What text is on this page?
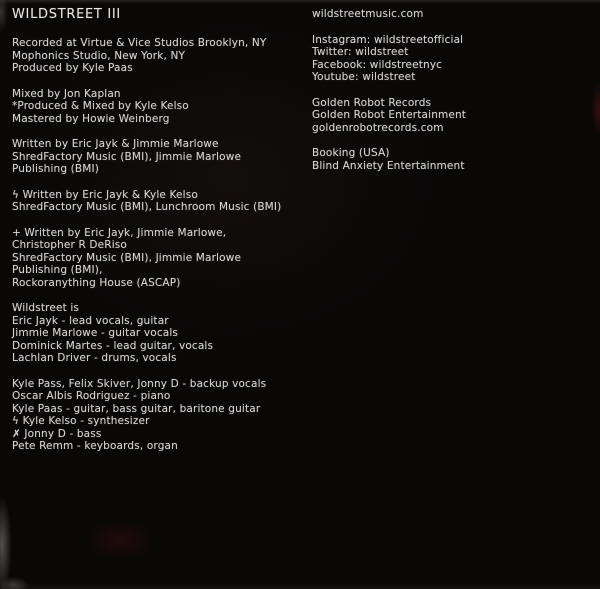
WILDSTREET III
Recorded at Virtue & Vice Studios Brooklyn, NY
Mophonics Studio, New York, NY
Produced by Kyle Paas
Mixed by Jon Kaplan
*Produced & Mixed by Kyle Kelso
Mastered by Howie Weinberg
Written by Eric Jayk & Jimmie Marlowe
ShredFactory Music (BMI), Jimmie Marlowe
Publishing (BMI)
ϟ Written by Eric Jayk & Kyle Kelso
ShredFactory Music (BMI), Lunchroom Music (BMI)
+ Written by Eric Jayk, Jimmie Marlowe,
Christopher R DeRiso
ShredFactory Music (BMI), Jimmie Marlowe
Publishing (BMI),
Rockoranything House (ASCAP)
Wildstreet is
Eric Jayk - lead vocals, guitar
Jimmie Marlowe - guitar vocals
Dominick Martes - lead guitar, vocals
Lachlan Driver - drums, vocals
Kyle Pass, Felix Skiver, Jonny D - backup vocals
Oscar Albis Rodriguez - piano
Kyle Paas - guitar, bass guitar, baritone guitar
ϟ Kyle Kelso - synthesizer
✗ Jonny D - bass
Pete Remm - keyboards, organ
wildstreetmusic.com
Instagram: wildstreetofficial
Twitter: wildstreet
Facebook: wildstreetnyc
Youtube: wildstreet
Golden Robot Records
Golden Robot Entertainment
goldenrobotrecords.com
Booking (USA)
Blind Anxiety Entertainment
